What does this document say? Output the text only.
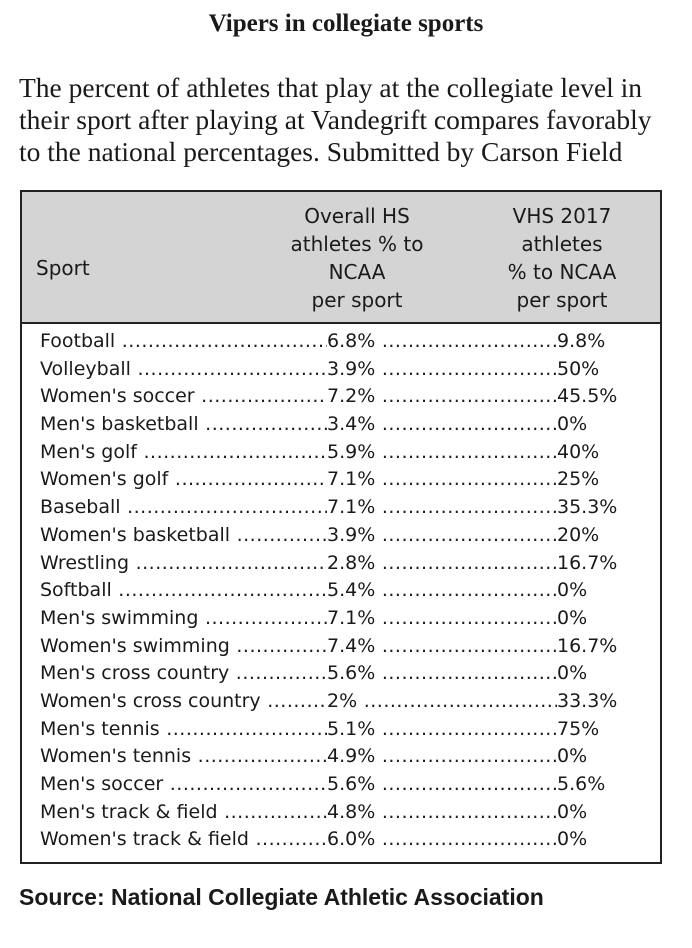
Vipers in collegiate sports
The percent of athletes that play at the collegiate level in their sport after playing at Vandegrift compares favorably to the national percentages. Submitted by Carson Field
Sport
Overall HS
athletes % to
NCAA
per sport
VHS 2017
athletes
% to NCAA
per sport
Football .....	6.8% .....	9.8%
Volleyball .....	3.9% .....	50%
Women's soccer .....	7.2% .....	45.5%
Men's basketball .....	3.4% .....	0%
Men's golf .....	5.9% .....	40%
Women's golf .....	7.1% .....	25%
Baseball .....	7.1% .....	35.3%
Women's basketball .....	3.9% .....	20%
Wrestling .....	2.8% .....	16.7%
Softball .....	5.4% .....	0%
Men's swimming .....	7.1% .....	0%
Women's swimming .....	7.4% .....	16.7%
Men's cross country .....	5.6% .....	0%
Women's cross country .....	2% .....	33.3%
Men's tennis .....	5.1% .....	75%
Women's tennis .....	4.9% .....	0%
Men's soccer .....	5.6% .....	5.6%
Men's track & field .....	4.8% .....	0%
Women's track & field .....	6.0% .....	0%
Source: National Collegiate Athletic Association
